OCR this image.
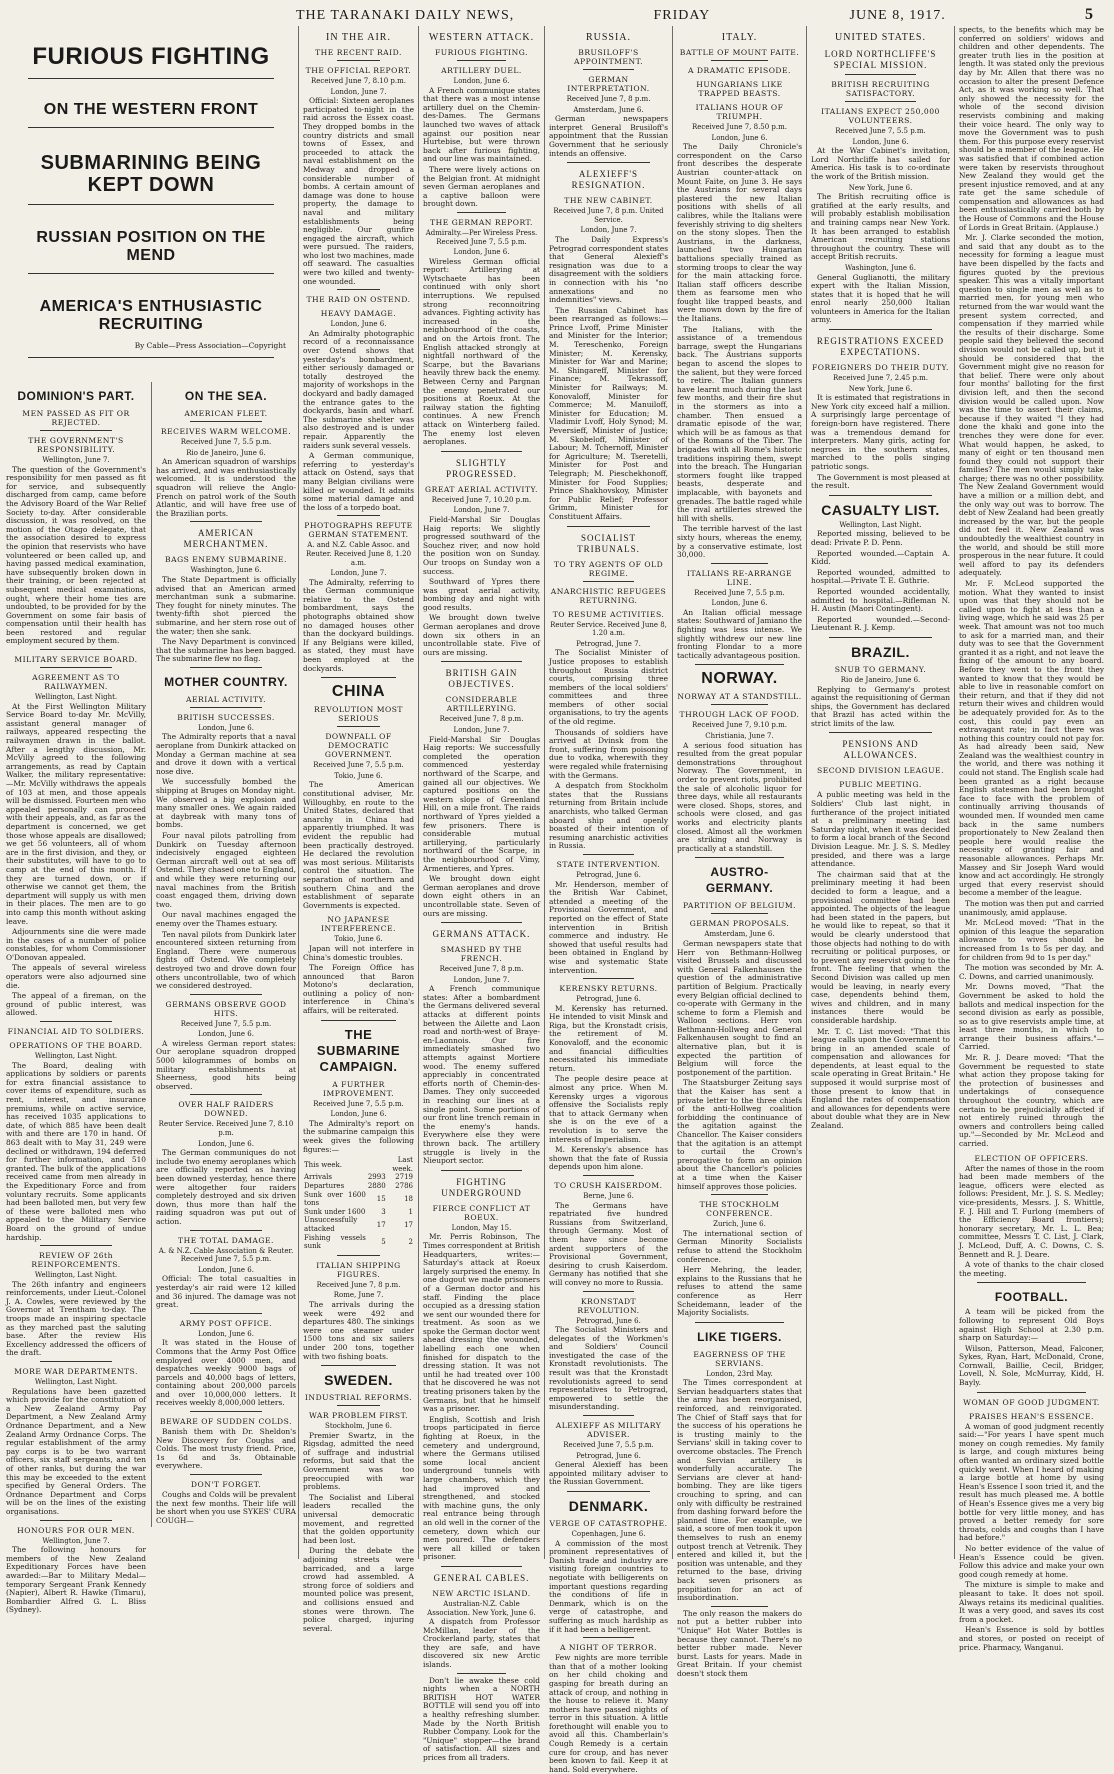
THE TARANAKI DAILY NEWS,	FRIDAY	JUNE 8, 1917.	5
FURIOUS FIGHTING
ON THE WESTERN FRONT
SUBMARINING BEING KEPT DOWN
RUSSIAN POSITION ON THE MEND
AMERICA'S ENTHUSIASTIC RECRUITING
By Cable—Press Association—Copyright
DOMINION'S PART.
MEN PASSED AS FIT OR REJECTED.
THE GOVERNMENT'S RESPONSIBILITY.

Wellington, June 7.

The question of the Government's responsibility for men passed as fit for service, and subsequently discharged from camp, came before the Advisory Board of the War Relief Society to-day. After considerable discussion, it was resolved, on the motion of the Otago delegate, that the association desired to express the opinion that reservists who have volunteered or been called up, and having passed medical examination, have subsequently broken down in their training, or been rejected at subsequent medical examinations, ought, where their home ties are undoubted, to be provided for by the Government on some fair basis of compensation until their health has been restored and regular employment secured by them.

MILITARY SERVICE BOARD.
AGREEMENT AS TO RAILWAYMEN.

Wellington, Last Night.

At the First Wellington Military Service Board to-day Mr. McVilly, assistant general manager of railways, appeared respecting the railwaymen drawn in the ballot. After a lengthy discussion, Mr. McVilly agreed to the following arrangements, as read by Captain Walker, the military representative:—Mr. McVilly withdraws the appeals of 103 at men, and those appeals will be dismissed. Fourteen men who appealed personally can proceed with their appeals, and, as far as the department is concerned, we get those whose appeals are disallowed; we get 56 volunteers, all of whom are in the first division, and they, or their substitutes, will have to go to camp at the end of this month. If they are turned down, or if otherwise we cannot get them, the department will supply us with men in their places. The men are to go into camp this month without asking leave.

Adjournments sine die were made in the cases of a number of police constables, for whom Commissioner O'Donovan appealed.

The appeals of several wireless operators were also adjourned sine die.

The appeal of a fireman, on the ground of public interest, was allowed.

FINANCIAL AID TO SOLDIERS.
OPERATIONS OF THE BOARD.

Wellington, Last Night.

The Board, dealing with applications by soldiers or parents for extra financial assistance to cover items of expenditure, such as rent, interest, and insurance premiums, while on active service, has received 1035 applications to date, of which 885 have been dealt with and there are 170 in hand. Of 863 dealt with to May 31, 249 were declined or withdrawn, 194 deferred for further information, and 510 granted. The bulk of the applications received came from men already in the Expeditionary Force and from voluntary recruits. Some applicants had been balloted men, but very few of these were balloted men who appealed to the Military Service Board on the ground of undue hardship.

REVIEW OF 26th REINFORCEMENTS.

Wellington, Last Night.

The 26th infantry and engineers reinforcements, under Lieut.-Colonel J. A. Cowles, were reviewed by the Governor at Trentham to-day. The troops made an inspiring spectacle as they marched past the saluting base. After the review His Excellency addressed the officers of the draft.

MORE WAR DEPARTMENTS.

Wellington, Last Night.

Regulations have been gazetted which provide for the constitution of a New Zealand Army Pay Department, a New Zealand Army Ordnance Department, and a New Zealand Army Ordnance Corps. The regular establishment of the army pay corps is to be two warrant officers, six staff sergeants, and ten of other ranks, but during the war this may be exceeded to the extent specified by General Orders. The Ordnance Department and Corps will be on the lines of the existing organisations.

HONOURS FOR OUR MEN.

Wellington, June 7.

The following honours for members of the New Zealand Expeditionary Forces have been awarded:—Bar to Military Medal—temporary Sergeant Frank Kennedy (Napier), Albert R. Hawke (Timaru), Bombardier Alfred G. L. Bliss (Sydney).

ON THE SEA.
AMERICAN FLEET.
RECEIVES WARM WELCOME.

Received June 7, 5.5 p.m.

Rio de Janeiro, June 6.

An American squadron of warships has arrived, and was enthusiastically welcomed. It is understood the squadron will relieve the Anglo-French on patrol work of the South Atlantic, and will have free use of the Brazilian ports.

AMERICAN MERCHANTMEN.
BAGS ENEMY SUBMARINE.

Washington, June 6.

The State Department is officially advised that an American armed merchantman sunk a submarine. They fought for ninety minutes. The twenty-fifth shot pierced the submarine, and her stern rose out of the water; then she sank.

The Navy Department is convinced that the submarine has been bagged. The submarine flew no flag.

MOTHER COUNTRY.
AERIAL ACTIVITY.
BRITISH SUCCESSES.

London, June 6.

The Admiralty reports that a naval aeroplane from Dunkirk attacked on Monday a German machine at sea and drove it down with a vertical nose dive.

We successfully bombed the shipping at Bruges on Monday night. We observed a big explosion and many smaller ones. We again raided at daybreak with many tons of bombs.

Four naval pilots patrolling from Dunkirk on Tuesday afternoon indecisively engaged eighteen German aircraft well out at sea off Ostend. They chased one to England, and while they were returning our naval machines from the British coast engaged them, driving down two.

Our naval machines engaged the enemy over the Thames estuary.

Ten naval pilots from Dunkirk later encountered sixteen returning from England. There were numerous fights off Ostend. We completely destroyed two and drove down four others uncontrollable, two of which we considered destroyed.

GERMANS OBSERVE GOOD HITS.

Received June 7, 5.5 p.m.

London, June 6.

A wireless German report states: Our aeroplane squadron dropped 5000 kilogrammes of bombs on military establishments at Sheerness, good hits being observed.

OVER HALF RAIDERS DOWNED.

Reuter Service. Received June 7, 8.10 p.m.

London, June 6.

The German communiques do not include two enemy aeroplanes which are officially reported as having been downed yesterday, hence there were altogether four raiders completely destroyed and six driven down, thus more than half the raiding squadron was put out of action.

THE TOTAL DAMAGE.

A. & N.Z. Cable Association & Reuter. Received June 7, 5.5 p.m.

London, June 6.

Official: The total casualties in yesterday's air raid were 12 killed and 36 injured. The damage was not great.

ARMY POST OFFICE.

London, June 6.

It was stated in the House of Commons that the Army Post Office employed over 4000 men, and despatches weekly 9000 bags of parcels and 40,000 bags of letters, containing about 200,000 parcels and over 10,000,000 letters. It receives weekly 8,000,000 letters.

BEWARE OF SUDDEN COLDS.

Banish them with Dr. Sheldon's New Discovery for Coughs and Colds. The most trusty friend. Price, 1s 6d and 3s. Obtainable everywhere.

DON'T FORGET.

Coughs and Colds will be prevalent the next few months. Their life will be short when you use SYKES' CURA COUGH—

IN THE AIR.
THE RECENT RAID.
THE OFFICIAL REPORT.

Received June 7, 8.10 p.m.

London, June 7.

Official: Sixteen aeroplanes participated to-night in the raid across the Essex coast. They dropped bombs in the country districts and small towns of Essex, and proceeded to attack the naval establishment on the Medway and dropped a considerable number of bombs. A certain amount of damage was done to house property, the damage to naval and military establishments being negligible. Our gunfire engaged the aircraft, which were pursued. The raiders, who lost two machines, made off seaward. The casualties were two killed and twenty-one wounded.

THE RAID ON OSTEND.
HEAVY DAMAGE.

London, June 6.

An Admiralty photographic record of a reconnaissance over Ostend shows that yesterday's bombardment, either seriously damaged or totally destroyed the majority of workshops in the dockyard and badly damaged the entrance gates to the dockyards, basin and wharf. The submarine shelter was also destroyed and is under repair. Apparently the raiders sunk several vessels.

A German communique, referring to yesterday's attack on Ostend, says that many Belgian civilians were killed or wounded. It admits some material damage and the loss of a torpedo boat.

PHOTOGRAPHS REFUTE GERMAN STATEMENT.

A. and N.Z. Cable Assoc. and Reuter. Received June 8, 1.20 a.m.

London, June 7.

The Admiralty, referring to the German communique relative to the Ostend bombardment, says the photographs obtained show no damaged houses other than the dockyard buildings. If any Belgians were killed, as stated, they must have been employed at the dockyards.

CHINA
REVOLUTION MOST SERIOUS
DOWNFALL OF DEMOCRATIC GOVERNMENT.

Received June 7, 5.5 p.m.

Tokio, June 6.

The American constitutional adviser, Mr. Willoughby, en route to the United States, declared that anarchy in China had apparently triumphed. It was evident the republic had been practically destroyed. He declared the revolution was most serious. Militarists control the situation. The separation of northern and southern China and the establishment of separate Governments is expected.

NO JAPANESE INTERFERENCE.

Tokio, June 6.

Japan will not interfere in China's domestic troubles.

The Foreign Office has announced that Baron Motono's declaration, outlining a policy of non-interference in China's affairs, will be reiterated.

THE SUBMARINE CAMPAIGN.
A FURTHER IMPROVEMENT.

Received June 7, 5.5 p.m.

London, June 6.

The Admiralty's report on the submarine campaign this week gives the following figures:—

This week.		Last week.
Arrivals	2993	2719
Departures	2880	2786
Sunk over 1600 tons	15	18
Sunk under 1600	3	1
Unsuccessfully attacked	17	17
Fishing vessels sunk	5	2
ITALIAN SHIPPING FIGURES.

Received June 7, 8 p.m.

Rome, June 7.

The arrivals during the week were 492 and departures 480. The sinkings were one steamer under 1500 tons and six sailers under 200 tons, together with two fishing boats.

SWEDEN.
INDUSTRIAL REFORMS.
WAR PROBLEM FIRST.

Stockholm, June 6.

Premier Swartz, in the Rigsdag, admitted the need of suffrage and industrial reforms, but said that the Government was too preoccupied with war problems.

The Socialist and Liberal leaders recalled the universal democratic movement, and regretted that the golden opportunity had been lost.

During the debate the adjoining streets were barricaded, and a large crowd had assembled. A strong force of soldiers and mounted police was present, and collisions ensued and stones were thrown. The police charged, injuring several.

WESTERN ATTACK.
FURIOUS FIGHTING.
ARTILLERY DUEL.

London, June 6.

A French communique states that there was a most intense artillery duel on the Chemin-des-Dames. The Germans launched two waves of attack against our position near Hurtebise, but were thrown back after furious fighting, and our line was maintained.

There were lively actions on the Belgian front. At midnight seven German aeroplanes and a captive balloon were brought down.

THE GERMAN REPORT.

Admiralty.—Per Wireless Press. Received June 7, 5.5 p.m.

London, June 6.

Wireless German official report: Artillerying at Wytschaete has been continued with only short interruptions. We repulsed strong reconnoitring advances. Fighting activity has increased in the neighbourhood of the coasts, and on the Artois front. The English attacked strongly at nightfall northward of the Scarpe, but the Bavarians heavily threw back the enemy. Between Cerny and Pargnan the enemy penetrated our positions at Roeux. At the railway station the fighting continues. A new French attack on Winterberg failed. The enemy lost eleven aeroplanes.

SLIGHTLY PROGRESSED.
GREAT AERIAL ACTIVITY.

Received June 7, 10.20 p.m.

London, June 7.

Field-Marshal Sir Douglas Haig reports: We slightly progressed southward of the Souchez river, and now hold the position won on Sunday. Our troops on Sunday won a success.

Southward of Ypres there was great aerial activity, bombing day and night with good results.

We brought down twelve German aeroplanes and drove down six others in an uncontrollable state. Five of ours are missing.

BRITISH GAIN OBJECTIVES.
CONSIDERABLE ARTILLERYING.

Received June 7, 8 p.m.

London, June 7.

Field-Marshal Sir Douglas Haig reports: We successfully completed the operation commenced yesterday northward of the Scarpe, and gained all our objectives. We captured positions on the western slope of Greenland Hill, on a mile front. The raids northward of Ypres yielded a few prisoners. There is considerable mutual artillerying, particularly northward of the Scarpe, in the neighbourhood of Vimy, Armentieres, and Ypres.

We brought down eight German aeroplanes and drove down eight others in an uncontrollable state. Seven of ours are missing.

GERMANS ATTACK.
SMASHED BY THE FRENCH.

Received June 7, 8 p.m.

London, June 7.

A French communique states: After a bombardment the Germans delivered several attacks at different points between the Ailette and Laon road and north-west of Braye-en-Laonnois. Our fire immediately smashed two attempts against Mortiere wood. The enemy suffered appreciably in concentrated efforts north of Chemin-des-Dames. They only succeeded in reaching our lines at a single point. Some portions of our front line trench remain in the enemy's hands. Everywhere else they were thrown back. The artillery struggle is lively in the Nieuport sector.

FIGHTING UNDERGROUND
FIERCE CONFLICT AT ROEUX.

London, May 15.

Mr. Perris Robinson, The Times correspondent at British Headquarters, writes:—Saturday's attack at Roeux largely surprised the enemy. In one dugout we made prisoners of a German doctor and his staff. Finding the place occupied as a dressing station we sent our wounded there for treatment. As soon as we spoke the German doctor went ahead dressing the wounded, labelling each one when finished for dispatch to the dressing station. It was not until he had treated over 100 that he discovered he was not treating prisoners taken by the Germans, but that he himself was a prisoner.

English, Scottish and Irish troops participated in fierce fighting at Roeux, in the cemetery and underground, where the Germans utilised some local ancient underground tunnels with large chambers, which they had improved and strengthened, and stocked with machine guns, the only real entrance being through an old well in the corner of the cemetery, down which our men poured. The defenders were all killed or taken prisoner.

GENERAL CABLES.
NEW ARCTIC ISLAND.

Australian-N.Z. Cable Association. New York, June 6.

A dispatch from Professor McMillan, leader of the Crockerland party, states that they are safe, and have discovered six new Arctic islands.

Don't lie awake these cold nights when a NORTH BRITISH HOT WATER BOTTLE will send you off into a healthy refreshing slumber. Made by the North British Rubber Company. Look for the "Unique" stopper—the brand of satisfaction. All sizes and prices from all traders.

RUSSIA.
BRUSILOFF'S APPOINTMENT.
GERMAN INTERPRETATION.

Received June 7, 8 p.m.

Amsterdam, June 6.

German newspapers interpret General Brusiloff's appointment that the Russian Government that he seriously intends an offensive.

ALEXIEFF'S RESIGNATION.
THE NEW CABINET.

Received June 7, 8 p.m. United Service.

London, June 7.

The Daily Express's Petrograd correspondent states that General Alexieff's resignation was due to a disagreement with the soldiers in connection with his "no annexations and no indemnities" views.

The Russian Cabinet has been rearranged as follows:—Prince Lvoff, Prime Minister and Minister for the Interior; M. Tereschenko, Foreign Minister; M. Kerensky, Minister for War and Marine; M. Shingareff, Minister for Finance; M. Tekrassoff, Minister for Railways; M. Konovaloff, Minister for Commerce; M. Manuiloff, Minister for Education; M. Vladimir Lvoff, Holy Synod; M. Peversieff, Minister of Justice; M. Skobeloff, Minister of Labour; M. Tchernoff, Minister for Agriculture; M. Tseretelli, Minister for Post and Telegraph; M. Pieschekhonoff, Minister for Food Supplies; Prince Shakhovskoy, Minister for Public Relief; Professor Grimm, Minister for Constituent Affairs.

SOCIALIST TRIBUNALS.
TO TRY AGENTS OF OLD REGIME.
ANARCHISTIC REFUGEES RETURNING.
TO RESUME ACTIVITIES.

Reuter Service. Received June 8, 1.20 a.m.

Petrograd, June 7.

The Socialist Minister of Justice proposes to establish throughout Russia district courts, comprising three members of the local soldiers' committees and three members of other social organisations, to try the agents of the old regime.

Thousands of soldiers have arrived at Dvinsk from the front, suffering from poisoning due to vodka, wherewith they were regaled while fraternising with the Germans.

A despatch from Stockholm states that the Russians returning from Britain include anarchists, who talked German aboard ship and openly boasted of their intention of resuming anarchistic activities in Russia.

STATE INTERVENTION.

Petrograd, June 6.

Mr. Henderson, member of the British War Cabinet, attended a meeting of the Provisional Government, and reported on the effect of State intervention in British commerce and industry. He showed that useful results had been obtained in England by wise and systematic State intervention.

KERENSKY RETURNS.

Petrograd, June 6.

M. Kerensky has returned. He intended to visit Minsk and Riga, but the Kronstadt crisis, the retirement of M. Konovaloff, and the economic and financial difficulties necessitated his immediate return.

The people desire peace at almost any price. When M. Kerensky urges a vigorous offensive the Socialists reply that to attack Germany when she is on the eve of a revolution is to serve the interests of Imperialism.

M. Kerensky's absence has shown that the fate of Russia depends upon him alone.

TO CRUSH KAISERDOM.

Berne, June 6.

The Germans have repatriated five hundred Russians from Switzerland, through Germany. Most of them have since become ardent supporters of the Provisional Government, desiring to crush Kaiserdom. Germany has notified that she will convey no more to Russia.

KRONSTADT REVOLUTION.

Petrograd, June 6.

The Socialist Ministers and delegates of the Workmen's and Soldiers' Council investigated the case of the Kronstadt revolutionists. The result was that the Kronstadt revolutionists agreed to send representatives to Petrograd, empowered to settle the misunderstanding.

ALEXIEFF AS MILITARY ADVISER.

Received June 7, 5.5 p.m.

Petrograd, June 6.

General Alexieff has been appointed military adviser to the Russian Government.

DENMARK.
VERGE OF CATASTROPHE.

Copenhagen, June 6.

A commission of the most prominent representatives of Danish trade and industry are visiting foreign countries to negotiate with belligerents on important questions regarding the conditions of life in Denmark, which is on the verge of catastrophe, and suffering as much hardship as if it had been a belligerent.

A NIGHT OF TERROR.

Few nights are more terrible than that of a mother looking on her child choking and gasping for breath during an attack of croup, and nothing in the house to relieve it. Many mothers have passed nights of terror in this situation. A little forethought will enable you to avoid all this. Chamberlain's Cough Remedy is a certain cure for croup, and has never been known to fail. Keep it at hand. Sold everywhere.

ITALY.
BATTLE OF MOUNT FAITE.
A DRAMATIC EPISODE.
HUNGARIANS LIKE TRAPPED BEASTS.
ITALIANS HOUR OF TRIUMPH.

Received June 7, 8.50 p.m.

London, June 6.

The Daily Chronicle's correspondent on the Carso front describes the desperate Austrian counter-attack on Mount Faite, on June 3. He says the Austrians for several days plastered the new Italian positions with shells of all calibres, while the Italians were feverishly striving to dig shelters on the stony slopes. Then the Austrians, in the darkness, launched two Hungarian battalions specially trained as storming troops to clear the way for the main attacking force. Italian staff officers describe them as fearsome men who fought like trapped beasts, and were mown down by the fire of the Italians.

The Italians, with the assistance of a tremendous barrage, swept the Hungarians back. The Austrians supports began to ascend the slopes to the salient, but they were forced to retire. The Italian gunners have learnt much during the last few months, and their fire shut in the stormers as into a chamber. Then ensued a dramatic episode of the war, which will be as famous as that of the Romans of the Tiber. The brigades with all Rome's historic traditions inspiring them, swept into the breach. The Hungarian stormers fought like trapped beasts, desperate and implacable, with bayonets and grenades. The battle raged while the rival artilleries strewed the hill with shells.

The terrible harvest of the last sixty hours, whereas the enemy, by a conservative estimate, lost 30,000.

ITALIANS RE-ARRANGE LINE.

Received June 7, 5.5 p.m.

London, June 6.

An Italian official message states: Southward of Jamiano the fighting was less intense. We slightly withdrew our new line fronting Flondar to a more tactically advantageous position.

NORWAY.
NORWAY AT A STANDSTILL.
THROUGH LACK OF FOOD.

Received June 7, 9.10 p.m.

Christiania, June 7.

A serious food situation has resulted from the great popular demonstrations throughout Norway. The Government, in order to prevent riots, prohibited the sale of alcoholic liquor for three days, while all restaurants were closed. Shops, stores, and schools were closed, and gas works and electricity plants closed. Almost all the workmen are striking and Norway is practically at a standstill.

AUSTRO-GERMANY.
PARTITION OF BELGIUM.
GERMAN PROPOSALS.

Amsterdam, June 6.

German newspapers state that Herr von Bethmann-Hollweg visited Brussels and discussed with General Falkenhausen the question of the administrative partition of Belgium. Practically every Belgian official declined to co-operate with Germany in the scheme to form a Flemish and Walloon sections. Herr von Bethmann-Hollweg and General Falkenhausen sought to find an alternative plan, but it is expected the partition of Belgium will force the postponement of the partition.

The Staatsburger Zeitung says that the Kaiser has sent a private letter to the three chiefs of the anti-Hollweg coalition forbidding the continuance of the agitation against the Chancellor. The Kaiser considers that the agitation is an attempt to curtail the Crown's prerogative to form an opinion about the Chancellor's policies at a time when the Kaiser himself approves those policies.

THE STOCKHOLM CONFERENCE.

Zurich, June 6.

The international section of German Minority Socialists refuse to attend the Stockholm conference.

Herr Mehring, the leader, explains to the Russians that he refuses to attend the same conference as Herr Scheidemann, leader of the Majority Socialists.

LIKE TIGERS.
EAGERNESS OF THE SERVIANS.

London, 23rd May.

The Times correspondent at Servian headquarters states that the army has been reorganised, reinforced, and reinvigorated. The Chief of Staff says that for the success of his operations he is trusting mainly to the Servians' skill in taking cover to overcome obstacles. The French and Servian artillery is wonderfully accurate. The Servians are clever at hand-bombing. They are like tigers crouching to spring, and can only with difficulty be restrained from dashing forward before the planned time. For example, we said, a score of men took it upon themselves to rush an enemy outpost trench at Vetrenik. They entered and killed it, but the position was untenable, and they returned to the base, driving back seven prisoners as propitiation for an act of insubordination.

The only reason the makers do not put a better rubber into "Unique" Hot Water Bottles is because they cannot. There's no better rubber made. Never burst. Lasts for years. Made in Great Britain. If your chemist doesn't stock them

UNITED STATES.
LORD NORTHCLIFFE'S SPECIAL MISSION.
BRITISH RECRUITING SATISFACTORY.
ITALIANS EXPECT 250,000 VOLUNTEERS.

Received June 7, 5.5 p.m.

London, June 6.

At the War Cabinet's invitation, Lord Northcliffe has sailed for America. His task is to co-ordinate the work of the British mission.

New York, June 6.

The British recruiting office is gratified at the early results, and will probably establish mobilisation and training camps near New York. It has been arranged to establish American recruiting stations throughout the country. These will accept British recruits.

Washington, June 6.

General Guglianotti, the military expert with the Italian Mission, states that it is hoped that he will enrol nearly 250,000 Italian volunteers in America for the Italian army.

REGISTRATIONS EXCEED EXPECTATIONS.
FOREIGNERS DO THEIR DUTY.

Received June 7, 2.45 p.m.

New York, June 6.

It is estimated that registrations in New York city exceed half a million. A surprisingly large percentage of foreign-born have registered. There was a tremendous demand for interpreters. Many girls, acting for negroes in the southern states, marched to the polls singing patriotic songs.

The Government is most pleased at the result.

CASUALTY LIST.

Wellington, Last Night.

Reported missing, believed to be dead: Private P. D. Penn.

Reported wounded.—Captain A. Kidd.

Reported wounded, admitted to hospital.—Private T. E. Guthrie.

Reported wounded accidentally, admitted to hospital.—Rifleman N. H. Austin (Maori Contingent).

Reported wounded.—Second-Lieutenant R. J. Kemp.

BRAZIL.
SNUB TO GERMANY.

Rio de Janeiro, June 6.

Replying to Germany's protest against the requisitioning of German ships, the Government has declared that Brazil has acted within the strict limits of the law.

PENSIONS AND ALLOWANCES.
SECOND DIVISION LEAGUE.
PUBLIC MEETING.

A public meeting was held in the Soldiers' Club last night, in furtherance of the project initiated at a preliminary meeting last Saturday night, when it was decided to form a local branch of the Second Division League. Mr. J. S. S. Medley presided, and there was a large attendance.

The chairman said that at the preliminary meeting it had been decided to form a league, and a provisional committee had been appointed. The objects of the league had been stated in the papers, but he would like to repeat, so that it would be clearly understood that those objects had nothing to do with recruiting or political purposes, or to prevent any reservist going to the front. The feeling that when the Second Division was called up men would be leaving, in nearly every case, dependents behind them, wives and children, and in many instances there would be considerable hardship.

Mr. T. C. List moved: "That this league calls upon the Government to bring in an amended scale of compensation and allowances for dependents, at least equal to the scale operating in Great Britain." He supposed it would surprise most of those present to know that in England the rates of compensation and allowances for dependents were about double what they are in New Zealand.

spects, to the benefits which may be conferred on soldiers' widows and children and other dependents. The greater truth lies in the position at length. It was stated only the previous day by Mr. Allen that there was no occasion to alter the present Defence Act, as it was working so well. That only showed the necessity for the whole of the second division reservists combining and making their voice heard. The only way to move the Government was to push them. For this purpose every reservist should be a member of the league. He was satisfied that if combined action were taken by reservists throughout New Zealand they would get the present injustice removed, and at any rate get the same schedule of compensation and allowances as had been enthusiastically carried both by the House of Commons and the House of Lords in Great Britain. (Applause.)

Mr. J. Clarke seconded the motion, and said that any doubt as to the necessity for forming a league must have been dispelled by the facts and figures quoted by the previous speaker. This was a vitally important question to single men as well as to married men, for young men who returned from the war would want the present system corrected, and compensation if they married while the results of their discharge. Some people said they believed the second division would not be called up, but it should be considered that the Government might give no reason for that belief. There were only about four months' balloting for the first division left, and then the second division would be called upon. Now was the time to assert their claims, because if they waited "I they had done the khaki and gone into the trenches they were done for ever. What would happen, he asked, to many of eight or ten thousand men found they could not support their families? The men would simply take charge; there was no other possibility. The New Zealand Government would have a million or a million debt, and the only way out was to borrow. The debt of New Zealand had been greatly increased by the war, but the people did not feel it. New Zealand was undoubtedly the wealthiest country in the world, and should be still more prosperous in the near future. It could well afford to pay its defenders adequately.

Mr. F. McLeod supported the motion. What they wanted to insist upon was that they should not be called upon to fight at less than a living wage, which he said was 25 per week. That amount was not too much to ask for a married man, and their duty was to see that the Government granted it as a right, and not leave the fixing of the amount to any board. Before they went to the front they wanted to know that they would be able to live in reasonable comfort on their return, and that if they did not return their wives and children would be adequately provided for. As to the cost, this could pay even an extravagant rate; in fact there was nothing this country could not pay for. As had already been said, New Zealand was the wealthiest country in the world, and there was nothing it could not stand. The English scale had been granted as a right because English statesmen had been brought face to face with the problem of continually arriving thousands of wounded men. If wounded men came back in the same numbers proportionately to New Zealand then people here would realise the necessity of granting fair and reasonable allowances. Perhaps Mr. Massey and Sir Joseph Ward would know and act accordingly. He strongly urged that every reservist should become a member of the league.

The motion was then put and carried unanimously, amid applause.

Mr. McLeod moved: "That in the opinion of this league the separation allowance to wives should be increased from 1s to 5s per day, and for children from 9d to 1s per day."

The motion was seconded by Mr. A. C. Downs, and carried unanimously.

Mr. Downs moved, "That the Government be asked to hold the ballots and medical inspection for the second division as early as possible, so as to give reservists ample time, at least three months, in which to arrange their business affairs."—Carried.

Mr. R. J. Deare moved: "That the Government be requested to state what action they propose taking for the protection of businesses and undertakings of consequence throughout the country, which are certain to be prejudicially affected if not entirely ruined through the owners and controllers being called up."—Seconded by Mr. McLeod and carried.

ELECTION OF OFFICERS.

After the names of those in the room had been made members of the league, officers were elected as follows: President, Mr. J. S. S. Medley; vice-presidents, Messrs. J. S. Whittle, F. J. Hill and T. Furlong (members of the Efficiency Board frontiers); honorary secretary, Mr. L. L. Bea; committee, Messrs T. C. List, J. Clark, J. McLeod, Duff, A. C. Downs, C. S. Bennett and R. J. Deare.

A vote of thanks to the chair closed the meeting.

FOOTBALL.

A team will be picked from the following to represent Old Boys against High School at 2.30 p.m. sharp on Saturday:—

Wilson, Patterson, Mead, Falconer, Sykes, Ryan, Hart, McDonald, Crone, Cornwall, Baillie, Cecil, Bridger, Lovell, N. Sole, McMurray, Kidd, H. Bayly.

WOMAN OF GOOD JUDGMENT.
PRAISES HEAN'S ESSENCE.

A woman of good judgment recently said:—"For years I have spent much money on cough remedies. My family is large, and cough mixtures being often wanted an ordinary sized bottle quickly went. When I heard of making a large bottle at home by using Hean's Essence I soon tried it, and the result has much pleased me. A bottle of Hean's Essence gives me a very big bottle for very little money, and has proved a better remedy for sore throats, colds and coughs than I have had before."

No better evidence of the value of Hean's Essence could be given. Follow this advice and make your own good cough remedy at home.

The mixture is simple to make and pleasant to take. It does not spoil. Always retains its medicinal qualities. It was a very good, and saves its cost from a pocket.

Hean's Essence is sold by bottles and stores, or posted on receipt of price. Pharmacy, Wanganui.
